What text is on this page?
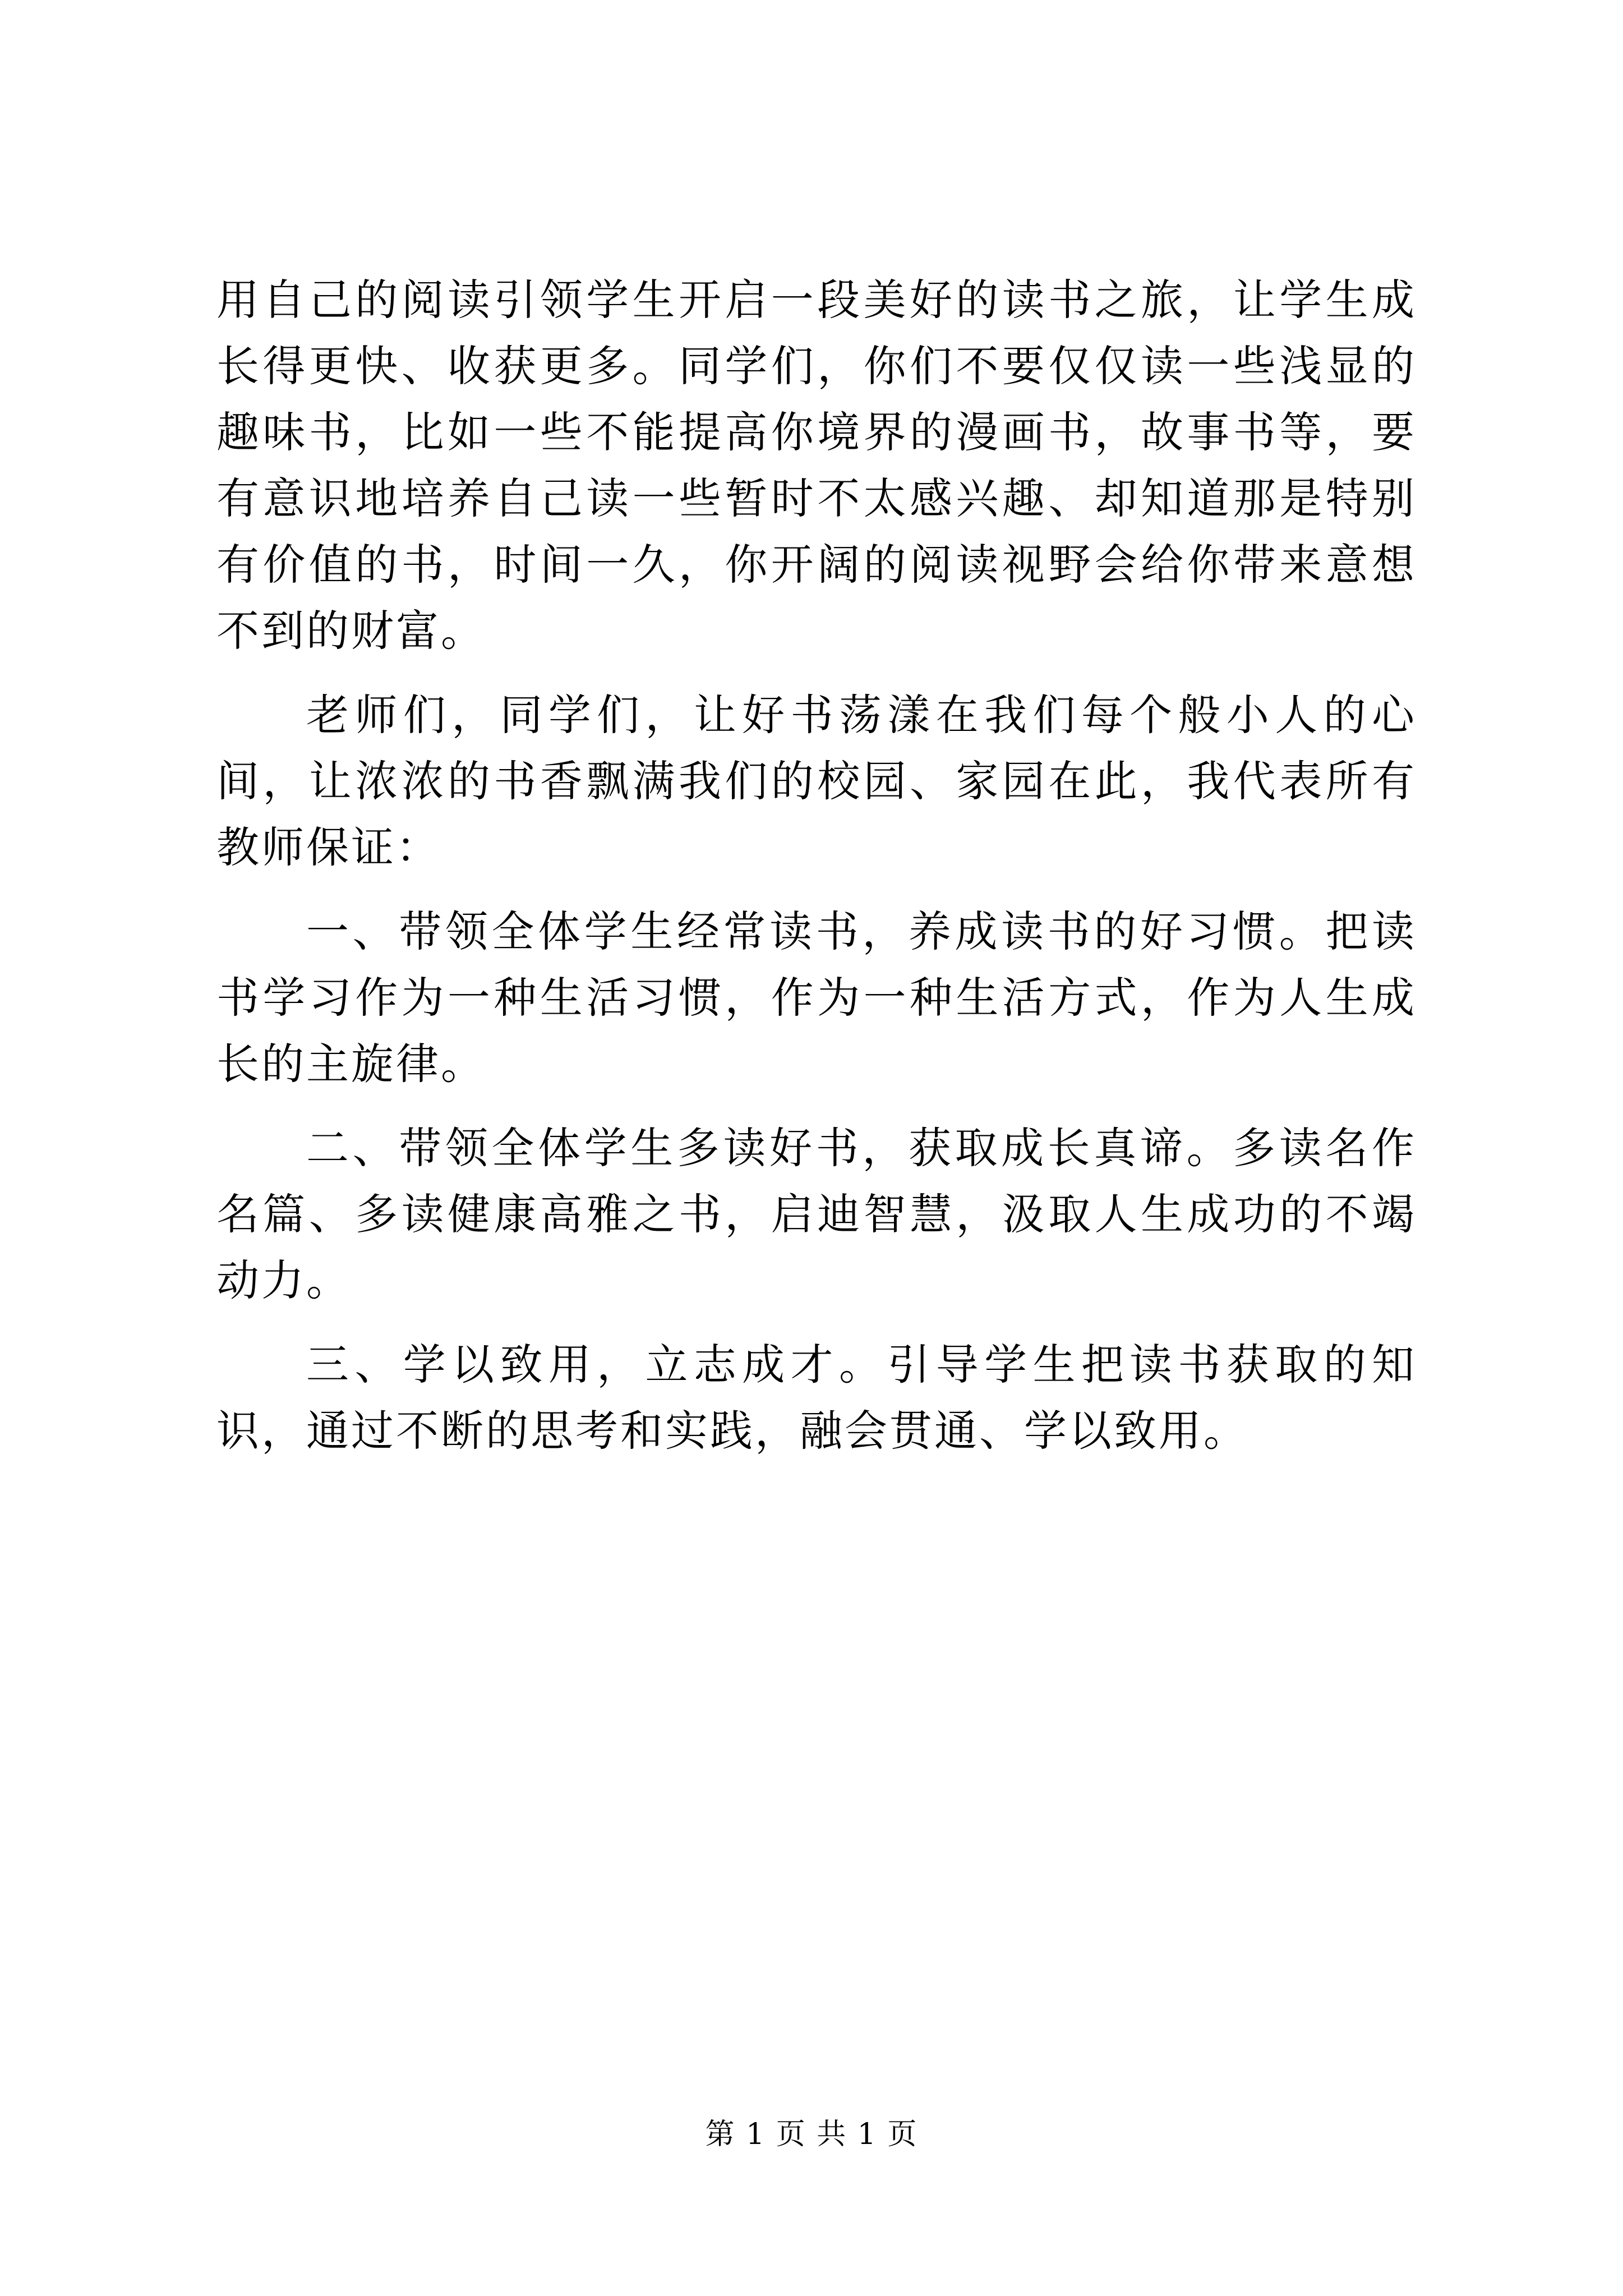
用自己的阅读引领学生开启一段美好的读书之旅，让学生成长得更快、收获更多。同学们，你们不要仅仅读一些浅显的趣味书，比如一些不能提高你境界的漫画书，故事书等，要有意识地培养自己读一些暂时不太感兴趣、却知道那是特别有价值的书，时间一久，你开阔的阅读视野会给你带来意想不到的财富。

老师们，同学们，让好书荡漾在我们每个般小人的心间，让浓浓的书香飘满我们的校园、家园在此，我代表所有教师保证：

一、带领全体学生经常读书，养成读书的好习惯。把读书学习作为一种生活习惯，作为一种生活方式，作为人生成长的主旋律。

二、带领全体学生多读好书，获取成长真谛。多读名作名篇、多读健康高雅之书，启迪智慧，汲取人生成功的不竭动力。

三、学以致用，立志成才。引导学生把读书获取的知识，通过不断的思考和实践，融会贯通、学以致用。

第 1 页 共 1 页
